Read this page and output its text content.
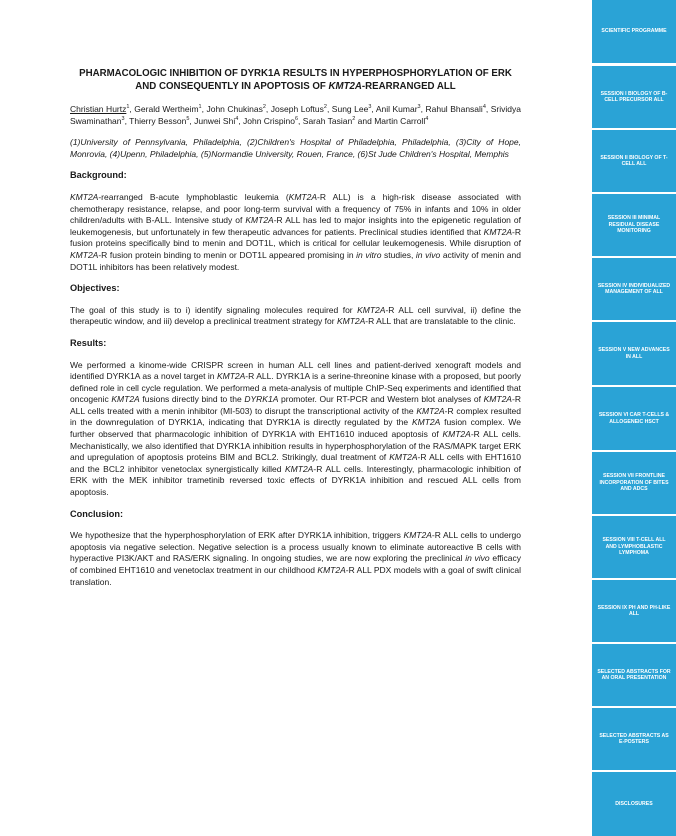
PHARMACOLOGIC INHIBITION OF DYRK1A RESULTS IN HYPERPHOSPHORYLATION OF ERK AND CONSEQUENTLY IN APOPTOSIS OF KMT2A-REARRANGED ALL
Christian Hurtz$^1$, Gerald Wertheim$^1$, John Chukinas$^2$, Joseph Loftus$^2$, Sung Lee$^3$, Anil Kumar$^3$, Rahul Bhansali$^4$, Srividya Swaminathan$^3$, Thierry Besson$^5$, Junwei Shi$^4$, John Crispino$^6$, Sarah Tasian$^2$ and Martin Carroll$^4$
(1)University of Pennsylvania, Philadelphia, (2)Children's Hospital of Philadelphia, Philadelphia, (3)City of Hope, Monrovia, (4)Upenn, Philadelphia, (5)Normandie University, Rouen, France, (6)St Jude Children's Hospital, Memphis
Background:
KMT2A-rearranged B-acute lymphoblastic leukemia (KMT2A-R ALL) is a high-risk disease associated with chemotherapy resistance, relapse, and poor long-term survival with a frequency of 75% in infants and 10% in older children/adults with B-ALL. Intensive study of KMT2A-R ALL has led to major insights into the epigenetic regulation of leukemogenesis, but unfortunately in few therapeutic advances for patients. Preclinical studies identified that KMT2A-R fusion proteins specifically bind to menin and DOT1L, which is critical for cellular leukemogenesis. While disruption of KMT2A-R fusion protein binding to menin or DOT1L appeared promising in in vitro studies, in vivo activity of menin and DOT1L inhibitors has been relatively modest.
Objectives:
The goal of this study is to i) identify signaling molecules required for KMT2A-R ALL cell survival, ii) define the therapeutic window, and iii) develop a preclinical treatment strategy for KMT2A-R ALL that are translatable to the clinic.
Results:
We performed a kinome-wide CRISPR screen in human ALL cell lines and patient-derived xenograft models and identified DYRK1A as a novel target in KMT2A-R ALL. DYRK1A is a serine-threonine kinase with a proposed, but poorly defined role in cell cycle regulation. We performed a meta-analysis of multiple ChIP-Seq experiments and identified that oncogenic KMT2A fusions directly bind to the DYRK1A promoter. Our RT-PCR and Western blot analyses of KMT2A-R ALL cells treated with a menin inhibitor (MI-503) to disrupt the transcriptional activity of the KMT2A-R complex resulted in the downregulation of DYRK1A, indicating that DYRK1A is directly regulated by the KMT2A fusion complex. We further observed that pharmacologic inhibition of DYRK1A with EHT1610 induced apoptosis of KMT2A-R ALL cells. Mechanistically, we also identified that DYRK1A inhibition results in hyperphosphorylation of the RAS/MAPK target ERK and upregulation of apoptosis proteins BIM and BCL2. Strikingly, dual treatment of KMT2A-R ALL cells with EHT1610 and the BCL2 inhibitor venetoclax synergistically killed KMT2A-R ALL cells. Interestingly, pharmacologic inhibition of ERK with the MEK inhibitor trametinib reversed toxic effects of DYRK1A inhibition and rescued ALL cells from apoptosis.
Conclusion:
We hypothesize that the hyperphosphorylation of ERK after DYRK1A inhibition, triggers KMT2A-R ALL cells to undergo apoptosis via negative selection. Negative selection is a process usually known to eliminate autoreactive B cells with hyperactive PI3K/AKT and RAS/ERK signaling. In ongoing studies, we are now exploring the preclinical in vivo efficacy of combined EHT1610 and venetoclax treatment in our childhood KMT2A-R ALL PDX models with a goal of swift clinical translation.
SCIENTIFIC PROGRAMME
SESSION I BIOLOGY OF B-CELL PRECURSOR ALL
SESSION II BIOLOGY OF T-CELL ALL
SESSION III MINIMAL RESIDUAL DISEASE MONITORING
SESSION IV INDIVIDUALIZED MANAGEMENT OF ALL
SESSION V NEW ADVANCES IN ALL
SESSION VI CAR T-CELLS & ALLOGENEIC HSCT
SESSION VII FRONTLINE INCORPORATION OF BITES AND ADCS
SESSION VIII T-CELL ALL AND LYMPHOBLASTIC LYMPHOMA
SESSION IX PH AND PH-LIKE ALL
SELECTED ABSTRACTS FOR AN ORAL PRESENTATION
SELECTED ABSTRACTS AS E-POSTERS
DISCLOSURES
